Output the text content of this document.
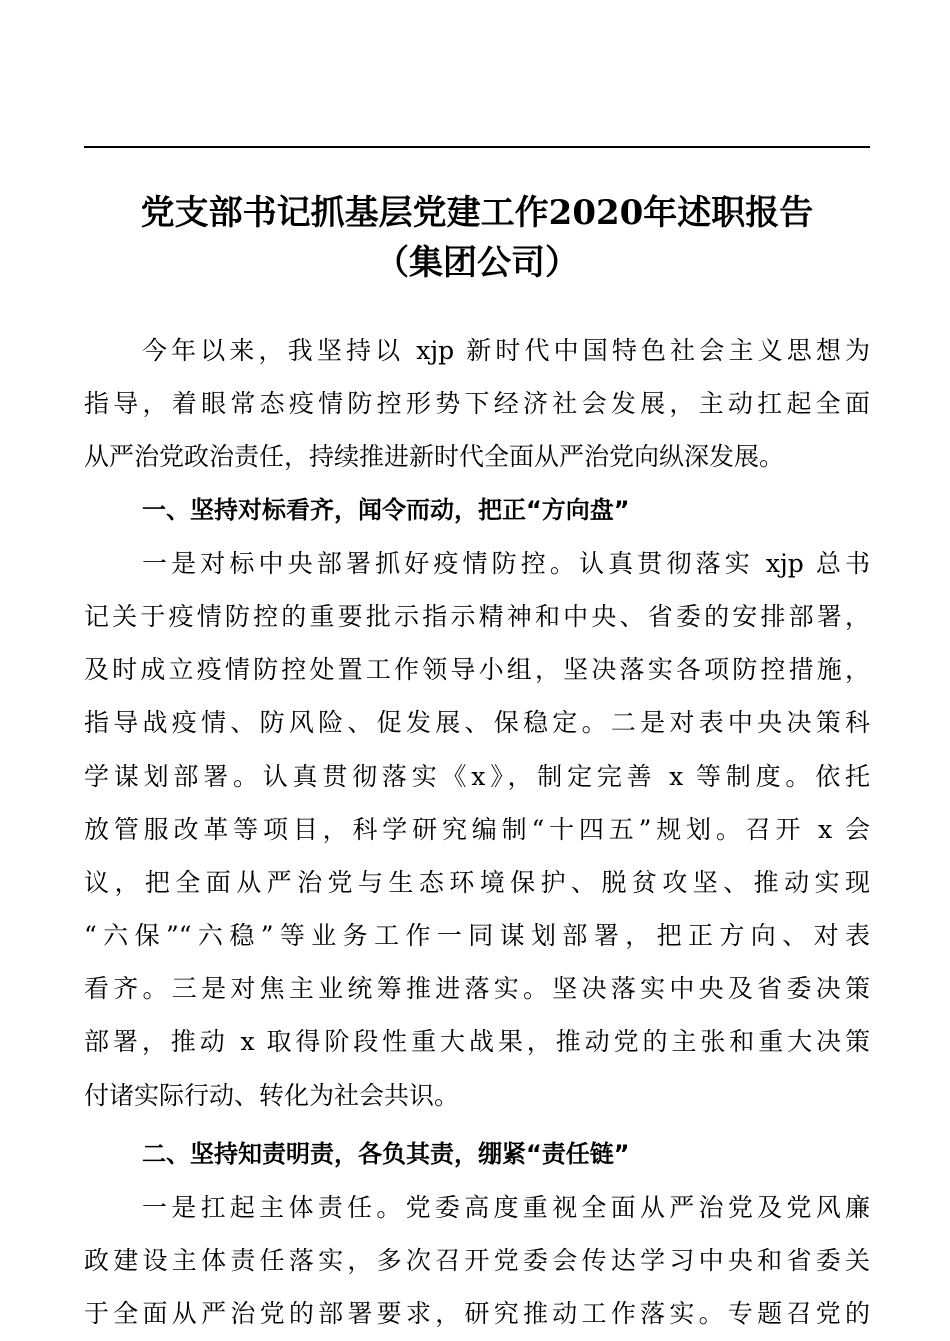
党支部书记抓基层党建工作2020年述职报告
（集团公司）
今年以来，我坚持以 xjp 新时代中国特色社会主义思想为
指导，着眼常态疫情防控形势下经济社会发展，主动扛起全面
从严治党政治责任，持续推进新时代全面从严治党向纵深发展。
一、坚持对标看齐，闻令而动，把正“方向盘”
一是对标中央部署抓好疫情防控。认真贯彻落实 xjp 总书
记关于疫情防控的重要批示指示精神和中央、省委的安排部署，
及时成立疫情防控处置工作领导小组，坚决落实各项防控措施，
指导战疫情、防风险、促发展、保稳定。二是对表中央决策科
学谋划部署。认真贯彻落实《x》，制定完善 x 等制度。依托
放管服改革等项目，科学研究编制“十四五”规划。召开 x 会
议，把全面从严治党与生态环境保护、脱贫攻坚、推动实现
“六保”“六稳”等业务工作一同谋划部署，把正方向、对表
看齐。三是对焦主业统筹推进落实。坚决落实中央及省委决策
部署，推动 x 取得阶段性重大战果，推动党的主张和重大决策
付诸实际行动、转化为社会共识。
二、坚持知责明责，各负其责，绷紧“责任链”
一是扛起主体责任。党委高度重视全面从严治党及党风廉
政建设主体责任落实，多次召开党委会传达学习中央和省委关
于全面从严治党的部署要求，研究推动工作落实。专题召党的
